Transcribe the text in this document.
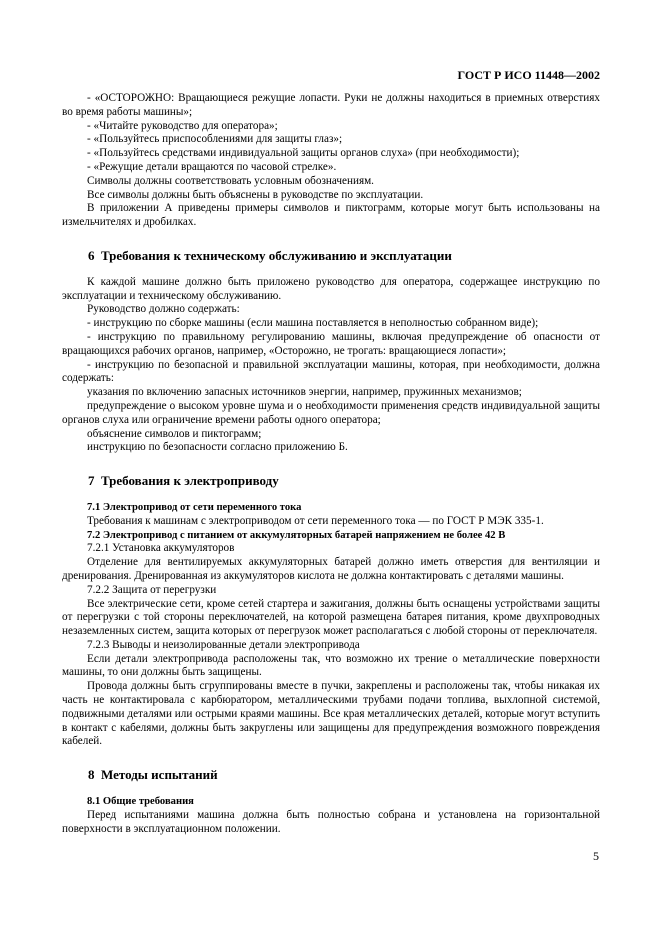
ГОСТ Р ИСО 11448—2002

- «ОСТОРОЖНО: Вращающиеся режущие лопасти. Руки не должны находиться в приемных отверстиях во время работы машины»;

- «Читайте руководство для оператора»;

- «Пользуйтесь приспособлениями для защиты глаз»;

- «Пользуйтесь средствами индивидуальной защиты органов слуха» (при необходимости);

- «Режущие детали вращаются по часовой стрелке».

Символы должны соответствовать условным обозначениям.

Все символы должны быть объяснены в руководстве по эксплуатации.

В приложении А приведены примеры символов и пиктограмм, которые могут быть использованы на измельчителях и дробилках.

6 Требования к техническому обслуживанию и эксплуатации

К каждой машине должно быть приложено руководство для оператора, содержащее инструкцию по эксплуатации и техническому обслуживанию.

Руководство должно содержать:

- инструкцию по сборке машины (если машина поставляется в неполностью собранном виде);

- инструкцию по правильному регулированию машины, включая предупреждение об опасности от вращающихся рабочих органов, например, «Осторожно, не трогать: вращающиеся лопасти»;

- инструкцию по безопасной и правильной эксплуатации машины, которая, при необходимости, должна содержать:

указания по включению запасных источников энергии, например, пружинных механизмов;

предупреждение о высоком уровне шума и о необходимости применения средств индивидуальной защиты органов слуха или ограничение времени работы одного оператора;

объяснение символов и пиктограмм;

инструкцию по безопасности согласно приложению Б.

7 Требования к электроприводу

7.1 Электропривод от сети переменного тока

Требования к машинам с электроприводом от сети переменного тока — по ГОСТ Р МЭК 335-1.

7.2 Электропривод с питанием от аккумуляторных батарей напряжением не более 42 В

7.2.1 Установка аккумуляторов

Отделение для вентилируемых аккумуляторных батарей должно иметь отверстия для вентиляции и дренирования. Дренированная из аккумуляторов кислота не должна контактировать с деталями машины.

7.2.2 Защита от перегрузки

Все электрические сети, кроме сетей стартера и зажигания, должны быть оснащены устройствами защиты от перегрузки с той стороны переключателей, на которой размещена батарея питания, кроме двухпроводных незаземленных систем, защита которых от перегрузок может располагаться с любой стороны от переключателя.

7.2.3 Выводы и неизолированные детали электропривода

Если детали электропривода расположены так, что возможно их трение о металлические поверхности машины, то они должны быть защищены.

Провода должны быть сгруппированы вместе в пучки, закреплены и расположены так, чтобы никакая их часть не контактировала с карбюратором, металлическими трубами подачи топлива, выхлопной системой, подвижными деталями или острыми краями машины. Все края металлических деталей, которые могут вступить в контакт с кабелями, должны быть закруглены или защищены для предупреждения возможного повреждения кабелей.

8 Методы испытаний

8.1 Общие требования

Перед испытаниями машина должна быть полностью собрана и установлена на горизонтальной поверхности в эксплуатационном положении.

5
